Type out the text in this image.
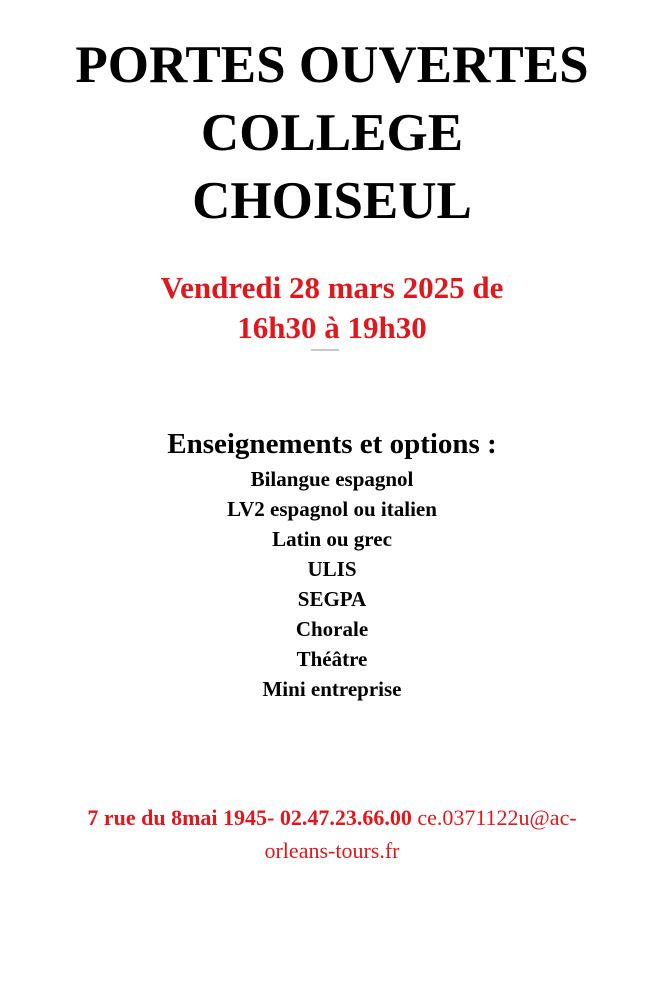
PORTES OUVERTES
COLLEGE
CHOISEUL

Vendredi 28 mars 2025 de

16h30 à 19h30

Enseignements et options :
Bilangue espagnol
LV2 espagnol ou italien
Latin ou grec
ULIS
SEGPA
Chorale
Théâtre
Mini entreprise
7 rue du 8mai 1945- 02.47.23.66.00 ce.0371122u@ac-
orleans-tours.fr
